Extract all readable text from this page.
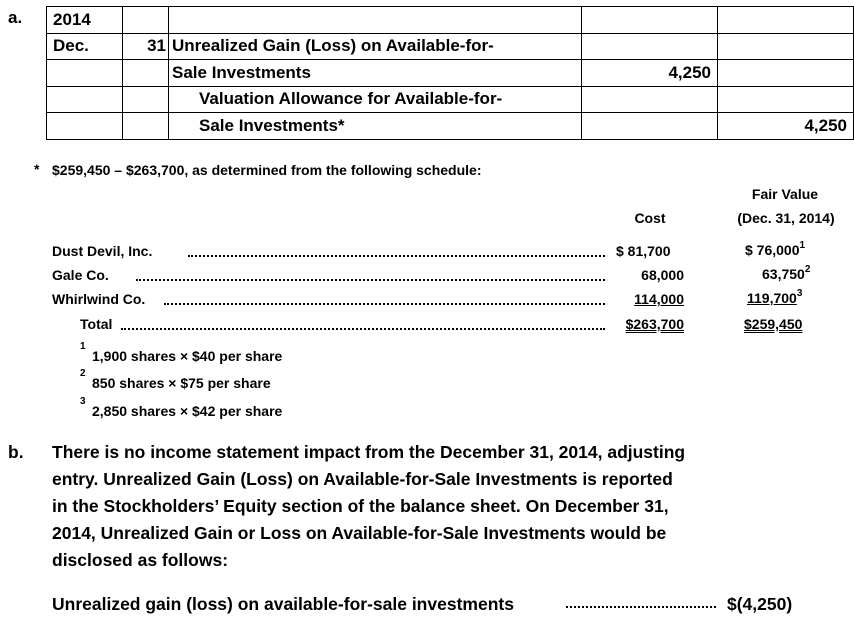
a. 2014				
Dec.	31	Unrealized Gain (Loss) on Available-for-		
		Sale Investments	4,250	
		Valuation Allowance for Available-for-		
		Sale Investments*		4,250
* $259,450 – $263,700, as determined from the following schedule:
Fair Value
Cost	(Dec. 31, 2014)
Dust Devil, Inc.	$ 81,700	$ 76,000$^1$
Gale Co.	68,000	63,750$^2$
Whirlwind Co.	114,000	119,700$^3$
Total	$263,700	$259,450
1
1,900 shares × $40 per share
2
850 shares × $75 per share
3
2,850 shares × $42 per share
b. There is no income statement impact from the December 31, 2014, adjusting
entry. Unrealized Gain (Loss) on Available-for-Sale Investments is reported
in the Stockholders’ Equity section of the balance sheet. On December 31,
2014, Unrealized Gain or Loss on Available-for-Sale Investments would be
disclosed as follows:
Unrealized gain (loss) on available-for-sale investments	$(4,250)
